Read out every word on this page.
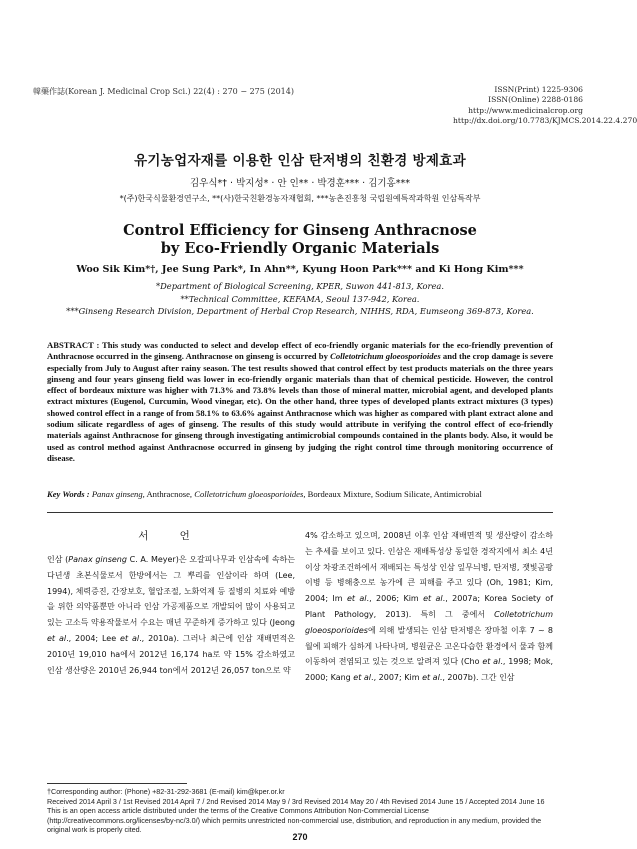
韓藥作誌(Korean J. Medicinal Crop Sci.) 22(4) : 270 − 275 (2014)	ISSN(Print) 1225-9306
ISSN(Online) 2288-0186
http://www.medicinalcrop.org
http://dx.doi.org/10.7783/KJMCS.2014.22.4.270
유기농업자재를 이용한 인삼 탄저병의 친환경 방제효과
김우식*† · 박지성* · 안 인** · 박경훈*** · 김기홍***
*(주)한국식물환경연구소, **(사)한국친환경농자재협회, ***농촌진흥청 국립원예특작과학원 인삼특작부
Control Efficiency for Ginseng Anthracnose
by Eco-Friendly Organic Materials
Woo Sik Kim*†, Jee Sung Park*, In Ahn**, Kyung Hoon Park*** and Ki Hong Kim***
*Department of Biological Screening, KPER, Suwon 441-813, Korea.
**Technical Committee, KEFAMA, Seoul 137-942, Korea.
***Ginseng Research Division, Department of Herbal Crop Research, NIHHS, RDA, Eumseong 369-873, Korea.
ABSTRACT : This study was conducted to select and develop effect of eco-friendly organic materials for the eco-friendly prevention of Anthracnose occurred in the ginseng. Anthracnose on ginseng is occurred by Colletotrichum gloeosporioides and the crop damage is severe especially from July to August after rainy season. The test results showed that control effect by test products materials on the three years ginseng and four years ginseng field was lower in eco-friendly organic materials than that of chemical pesticide. However, the control effect of bordeaux mixture was higher with 71.3% and 73.8% levels than those of mineral matter, microbial agent, and developed plants extract mixtures (Eugenol, Curcumin, Wood vinegar, etc). On the other hand, three types of developed plants extract mixtures (3 types) showed control effect in a range of from 58.1% to 63.6% against Anthracnose which was higher as compared with plant extract alone and sodium silicate regardless of ages of ginseng. The results of this study would attribute in verifying the control effect of eco-friendly materials against Anthracnose for ginseng through investigating antimicrobial compounds contained in the plants body. Also, it would be used as control method against Anthracnose occurred in ginseng by judging the right control time through monitoring occurrence of disease.
Key Words : Panax ginseng, Anthracnose, Colletotrichum gloeosporioides, Bordeaux Mixture, Sodium Silicate, Antimicrobial
서 언
인삼 (Panax ginseng C. A. Meyer)은 오갈피나무과 인삼속에 속하는 다년생 초본식물로서 한방에서는 그 뿌리를 인삼이라 하며 (Lee, 1994), 체력증진, 간장보호, 혈압조절, 노화억제 등 질병의 치료와 예방을 위한 의약품뿐만 아니라 인삼 가공제품으로 개발되어 많이 사용되고 있는 고소득 약용작물로서 수요는 매년 꾸준하게 증가하고 있다 (Jeong et al., 2004; Lee et al., 2010a). 그러나 최근에 인삼 재배면적은 2010년 19,010 ha에서 2012년 16,174 ha로 약 15% 감소하였고 인삼 생산량은 2010년 26,944 ton에서 2012년 26,057 ton으로 약
4% 감소하고 있으며, 2008년 이후 인삼 재배면적 및 생산량이 감소하는 추세를 보이고 있다. 인삼은 재배특성상 동일한 경작지에서 최소 4년 이상 차광조건하에서 재배되는 특성상 인삼 잎무늬병, 탄저병, 잿빛곰팡이병 등 병해충으로 농가에 큰 피해를 주고 있다 (Oh, 1981; Kim, 2004; Im et al., 2006; Kim et al., 2007a; Korea Society of Plant Pathology, 2013). 특히 그 중에서 Colletotrichum gloeosporioides에 의해 발생되는 인삼 탄저병은 장마철 이후 7 ~ 8월에 피해가 심하게 나타나며, 병원균은 고온다습한 환경에서 물과 함께 이동하여 전염되고 있는 것으로 알려져 있다 (Cho et al., 1998; Mok, 2000; Kang et al., 2007; Kim et al., 2007b). 그간 인삼
†Corresponding author: (Phone) +82-31-292-3681 (E-mail) kim@kper.or.kr
Received 2014 April 3 / 1st Revised 2014 April 7 / 2nd Revised 2014 May 9 / 3rd Revised 2014 May 20 / 4th Revised 2014 June 15 / Accepted 2014 June 16
This is an open access article distributed under the terms of the Creative Commons Attribution Non-Commercial License (http://creativecommons.org/licenses/by-nc/3.0/) which permits unrestricted non-commercial use, distribution, and reproduction in any medium, provided the original work is properly cited.
270
